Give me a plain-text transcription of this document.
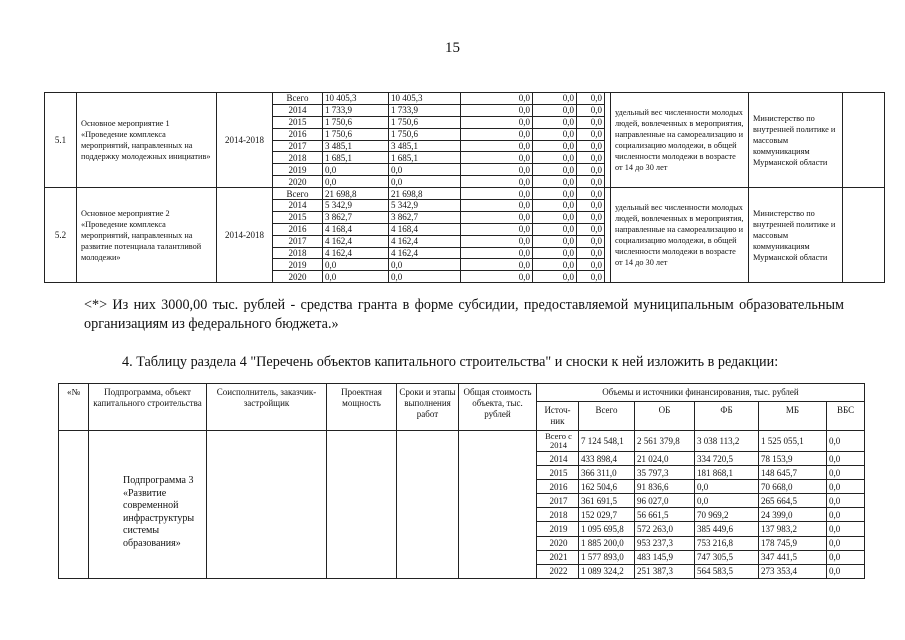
15
5.1	Основное мероприятие 1 «Проведение комплекса мероприятий, направленных на поддержку молодежных инициатив»	2014-2018	Всего	10 405,3	10 405,3	0,0	0,0	0,0		удельный вес численности молодых людей, вовлеченных в мероприятия, направленные на самореализацию и социализацию молодежи, в общей численности молодежи в возрасте от 14 до 30 лет	Министерство по внутренней политике и массовым коммуникациям Мурманской области	
			2014	1 733,9	1 733,9	0,0	0,0	0,0				
			2015	1 750,6	1 750,6	0,0	0,0	0,0				
			2016	1 750,6	1 750,6	0,0	0,0	0,0				
			2017	3 485,1	3 485,1	0,0	0,0	0,0				
			2018	1 685,1	1 685,1	0,0	0,0	0,0				
			2019	0,0	0,0	0,0	0,0	0,0				
			2020	0,0	0,0	0,0	0,0	0,0				
5.2	Основное мероприятие 2 «Проведение комплекса мероприятий, направленных на развитие потенциала талантливой молодежи»	2014-2018	Всего	21 698,8	21 698,8	0,0	0,0	0,0		удельный вес численности молодых людей, вовлеченных в мероприятия, направленные на самореализацию и социализацию молодежи, в общей численности молодежи в возрасте от 14 до 30 лет	Министерство по внутренней политике и массовым коммуникациям Мурманской области	
			2014	5 342,9	5 342,9	0,0	0,0	0,0				
			2015	3 862,7	3 862,7	0,0	0,0	0,0				
			2016	4 168,4	4 168,4	0,0	0,0	0,0				
			2017	4 162,4	4 162,4	0,0	0,0	0,0				
			2018	4 162,4	4 162,4	0,0	0,0	0,0				
			2019	0,0	0,0	0,0	0,0	0,0				
			2020	0,0	0,0	0,0	0,0	0,0				
<*> Из них 3000,00 тыс. рублей - средства гранта в форме субсидии, предоставляемой муниципальным образовательным организациям из федерального бюджета.»
4. Таблицу раздела 4 "Перечень объектов капитального строительства" и сноски к ней изложить в редакции:
«№	Подпрограмма, объект капитального строительства	Соисполнитель, заказчик-застройщик	Проектная мощность	Сроки и этапы выполнения работ	Общая стоимость объекта, тыс. рублей	Объемы и источники финансирования, тыс. рублей					
						Источ-ник	Всего	ОБ	ФБ	МБ	ВБС
	Подпрограмма 3 «Развитие современной инфраструктуры системы образования»					Всего с 2014	7 124 548,1	2 561 379,8	3 038 113,2	1 525 055,1	0,0
						2014	433 898,4	21 024,0	334 720,5	78 153,9	0,0
						2015	366 311,0	35 797,3	181 868,1	148 645,7	0,0
						2016	162 504,6	91 836,6	0,0	70 668,0	0,0
						2017	361 691,5	96 027,0	0,0	265 664,5	0,0
						2018	152 029,7	56 661,5	70 969,2	24 399,0	0,0
						2019	1 095 695,8	572 263,0	385 449,6	137 983,2	0,0
						2020	1 885 200,0	953 237,3	753 216,8	178 745,9	0,0
						2021	1 577 893,0	483 145,9	747 305,5	347 441,5	0,0
						2022	1 089 324,2	251 387,3	564 583,5	273 353,4	0,0
